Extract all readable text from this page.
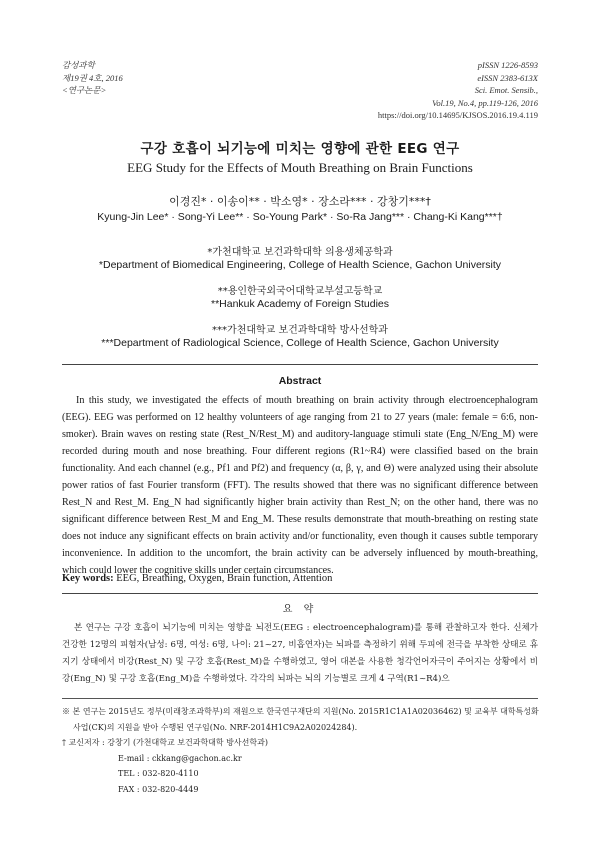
감성과학
제19권 4호, 2016
<연구논문>
pISSN 1226-8593
eISSN 2383-613X
Sci. Emot. Sensib.,
Vol.19, No.4, pp.119-126, 2016
https://doi.org/10.14695/KJSOS.2016.19.4.119
구강 호흡이 뇌기능에 미치는 영향에 관한 EEG 연구
EEG Study for the Effects of Mouth Breathing on Brain Functions
이경진* · 이송이** · 박소영* · 장소라*** · 강창기***†
Kyung-Jin Lee* · Song-Yi Lee** · So-Young Park* · So-Ra Jang*** · Chang-Ki Kang***†
*가천대학교 보건과학대학 의용생체공학과
*Department of Biomedical Engineering, College of Health Science, Gachon University
**용인한국외국어대학교부설고등학교
**Hankuk Academy of Foreign Studies
***가천대학교 보건과학대학 방사선학과
***Department of Radiological Science, College of Health Science, Gachon University
Abstract

In this study, we investigated the effects of mouth breathing on brain activity through electroencephalogram (EEG). EEG was performed on 12 healthy volunteers of age ranging from 21 to 27 years (male: female = 6:6, non-smoker). Brain waves on resting state (Rest_N/Rest_M) and auditory-language stimuli state (Eng_N/Eng_M) were recorded during mouth and nose breathing. Four different regions (R1~R4) were classified based on the brain functionality. And each channel (e.g., Pf1 and Pf2) and frequency (α, β, γ, and Θ) were analyzed using their absolute power ratios of fast Fourier transform (FFT). The results showed that there was no significant difference between Rest_N and Rest_M. Eng_N had significantly higher brain activity than Rest_N; on the other hand, there was no significant difference between Rest_M and Eng_M. These results demonstrate that mouth-breathing on resting state does not induce any significant effects on brain activity and/or functionality, even though it causes subtle temporary inconvenience. In addition to the uncomfort, the brain activity can be adversely influenced by mouth-breathing, which could lower the cognitive skills under certain circumstances.

Key words: EEG, Breathing, Oxygen, Brain function, Attention
요 약

본 연구는 구강 호흡이 뇌기능에 미치는 영향을 뇌전도(EEG : electroencephalogram)를 통해 관찰하고자 한다. 신체가 건강한 12명의 피험자(남성: 6명, 여성: 6명, 나이: 21~27, 비흡연자)는 뇌파를 측정하기 위해 두피에 전극을 부착한 상태로 휴지기 상태에서 비강(Rest_N) 및 구강 호흡(Rest_M)을 수행하였고, 영어 대본을 사용한 청각언어자극이 주어지는 상황에서 비강(Eng_N) 및 구강 호흡(Eng_M)을 수행하였다. 각각의 뇌파는 뇌의 기능별로 크게 4 구역(R1~R4)으

※ 본 연구는 2015년도 정부(미래창조과학부)의 재원으로 한국연구재단의 지원(No. 2015R1C1A1A02036462) 및 교육부 대학특성화
사업(CK)의 지원을 받아 수행된 연구임(No. NRF-2014H1C9A2A02024284).
† 교신저자 : 강창기 (가천대학교 보건과학대학 방사선학과)
E-mail : ckkang@gachon.ac.kr
TEL : 032-820-4110
FAX : 032-820-4449
